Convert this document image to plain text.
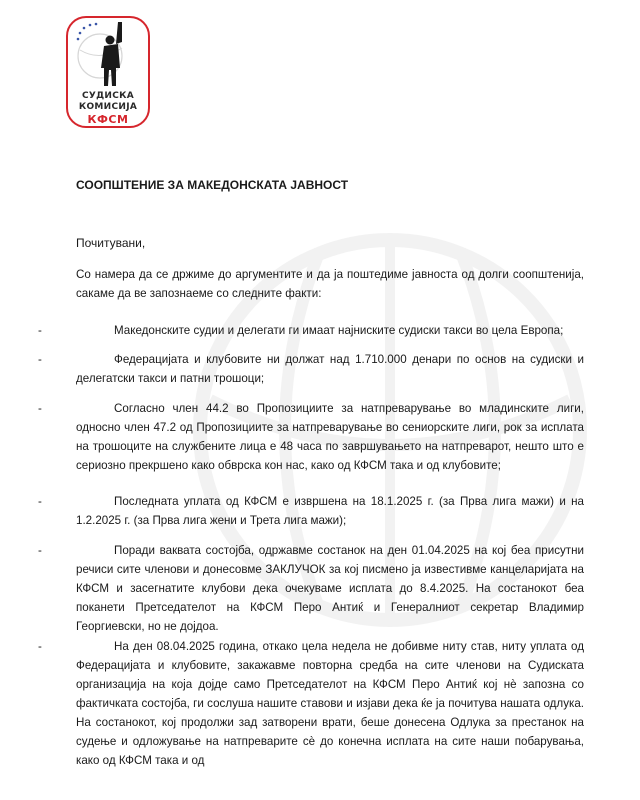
СУДИСКА
КОМИСИЈА
КФСМ
СООПШТЕНИЕ ЗА МАКЕДОНСКАТА ЈАВНОСТ
Почитувани,
Со намера да се држиме до аргументите и да ја поштедиме јавноста од долги соопштенија, сакаме да ве запознаеме со следните факти:
-	Македонските судии и делегати ги имаат најниските судиски такси во цела Европа;
-	Федерацијата и клубовите ни должат над 1.710.000 денари по основ на судиски и делегатски такси и патни трошоци;
-	Согласно член 44.2 во Пропозициите за натпреварување во младинските лиги, односно член 47.2 од Пропозициите за натпреварување во сениорските лиги, рок за исплата на трошоците на службените лица е 48 часа по завршувањето на натпреварот, нешто што е сериозно прекршено како обврска кон нас, како од КФСМ така и од клубовите;
-	Последната уплата од КФСМ е извршена на 18.1.2025 г. (за Прва лига мажи) и на 1.2.2025 г. (за Прва лига жени и Трета лига мажи);
-	Поради ваквата состојба, одржавме состанок на ден 01.04.2025 на кој беа присутни речиси сите членови и донесовме ЗАКЛУЧОК за кој писмено ја известивме канцеларијата на КФСМ и засегнатите клубови дека очекуваме исплата до 8.4.2025. На состанокот беа поканети Претседателот на КФСМ Перо Антиќ и Генералниот секретар Владимир Георгиевски, но не дојдоа.
-	На ден 08.04.2025 година, откако цела недела не добивме ниту став, ниту уплата од Федерацијата и клубовите, закажавме повторна средба на сите членови на Судиската организација на која дојде само Претседателот на КФСМ Перо Антиќ кој нѐ запозна со фактичката состојба, ги сослуша нашите ставови и изјави дека ќе ја почитува нашата одлука. На состанокот, кој продолжи зад затворени врати, беше донесена Одлука за престанок на судење и одложување на натпреварите сѐ до конечна исплата на сите наши побарувања, како од КФСМ така и од
